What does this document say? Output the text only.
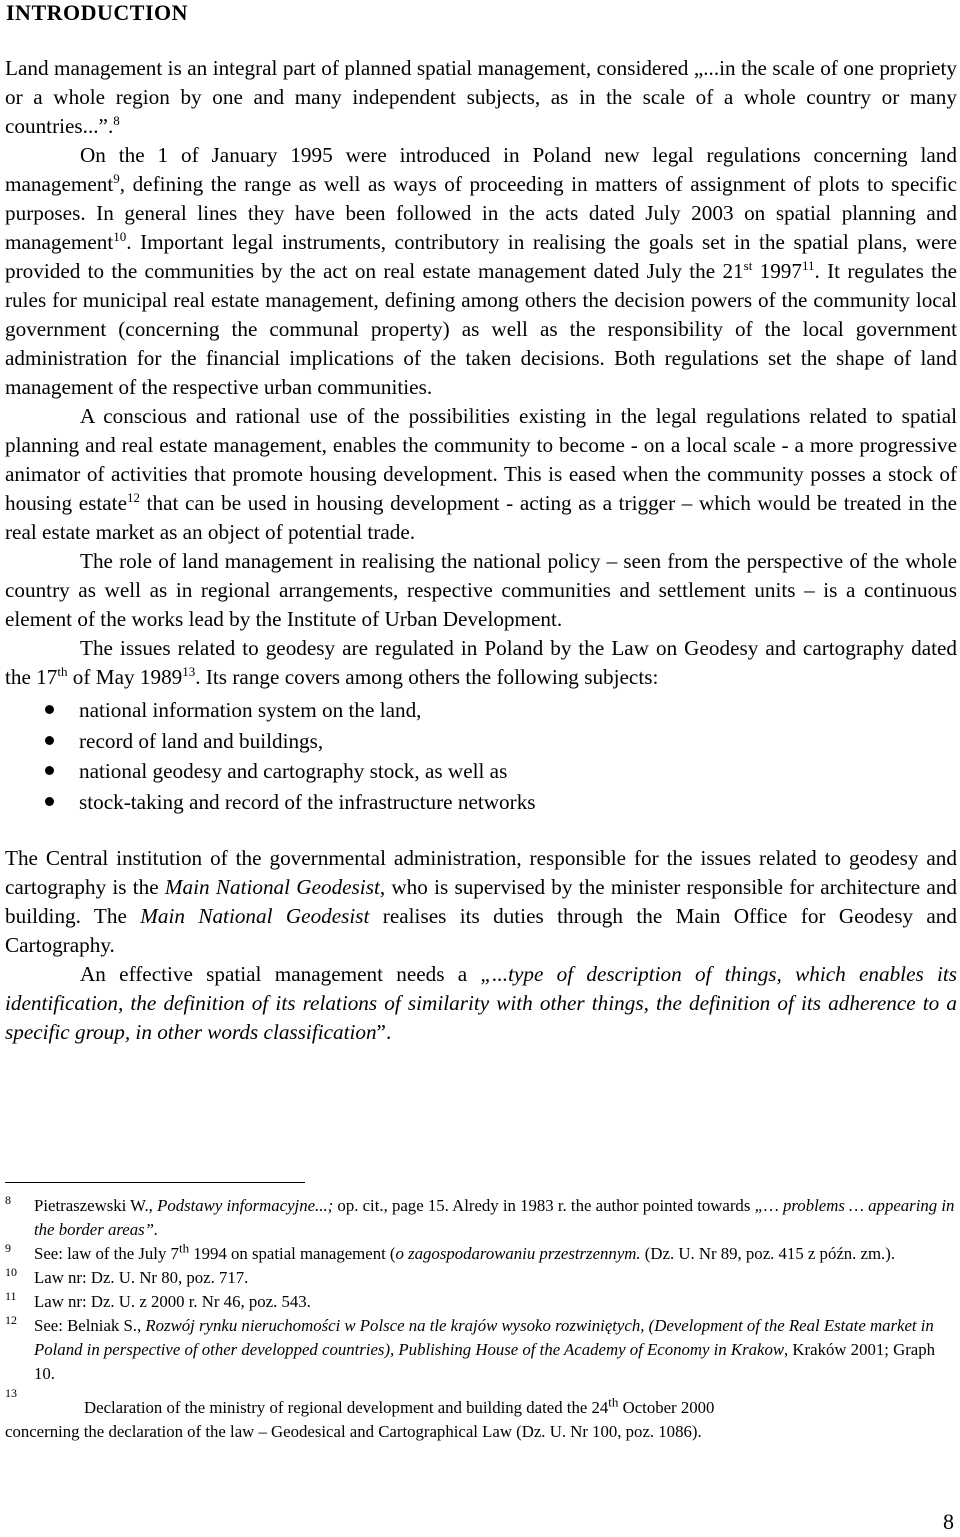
INTRODUCTION

Land management is an integral part of planned spatial management, considered „...in the scale of one propriety or a whole region by one and many independent subjects, as in the scale of a whole country or many countries...”.$^8$

On the 1 of January 1995 were introduced in Poland new legal regulations concerning land management$^9$, defining the range as well as ways of proceeding in matters of assignment of plots to specific purposes. In general lines they have been followed in the acts dated July 2003 on spatial planning and management$^{10}$. Important legal instruments, contributory in realising the goals set in the spatial plans, were provided to the communities by the act on real estate management dated July the 21st 1997$^{11}$. It regulates the rules for municipal real estate management, defining among others the decision powers of the community local government (concerning the communal property) as well as the responsibility of the local government administration for the financial implications of the taken decisions. Both regulations set the shape of land management of the respective urban communities.

A conscious and rational use of the possibilities existing in the legal regulations related to spatial planning and real estate management, enables the community to become - on a local scale - a more progressive animator of activities that promote housing development. This is eased when the community posses a stock of housing estate$^{12}$ that can be used in housing development - acting as a trigger – which would be treated in the real estate market as an object of potential trade.

The role of land management in realising the national policy – seen from the perspective of the whole country as well as in regional arrangements, respective communities and settlement units – is a continuous element of the works lead by the Institute of Urban Development.

The issues related to geodesy are regulated in Poland by the Law on Geodesy and cartography dated the 17th of May 1989$^{13}$. Its range covers among others the following subjects:

national information system on the land,
record of land and buildings,
national geodesy and cartography stock, as well as
stock-taking and record of the infrastructure networks

The Central institution of the governmental administration, responsible for the issues related to geodesy and cartography is the Main National Geodesist, who is supervised by the minister responsible for architecture and building. The Main National Geodesist realises its duties through the Main Office for Geodesy and Cartography.

An effective spatial management needs a „...type of description of things, which enables its identification, the definition of its relations of similarity with other things, the definition of its adherence to a specific group, in other words classification”.

8 Pietraszewski W., Podstawy informacyjne...; op. cit., page 15. Alredy in 1983 r. the author pointed towards „… problems … appearing in the border areas”.
9 See: law of the July 7th 1994 on spatial management (o zagospodarowaniu przestrzennym. (Dz. U. Nr 89, poz. 415 z późn. zm.).
10 Law nr: Dz. U. Nr 80, poz. 717.
11 Law nr: Dz. U. z 2000 r. Nr 46, poz. 543.
12 See: Belniak S., Rozwój rynku nieruchomości w Polsce na tle krajów wysoko rozwiniętych, (Development of the Real Estate market in Poland in perspective of other developped countries), Publishing House of the Academy of Economy in Krakow, Kraków 2001; Graph 10.
13
Declaration of the ministry of regional development and building dated the 24th October 2000
concerning the declaration of the law – Geodesical and Cartographical Law (Dz. U. Nr 100, poz. 1086).
8
